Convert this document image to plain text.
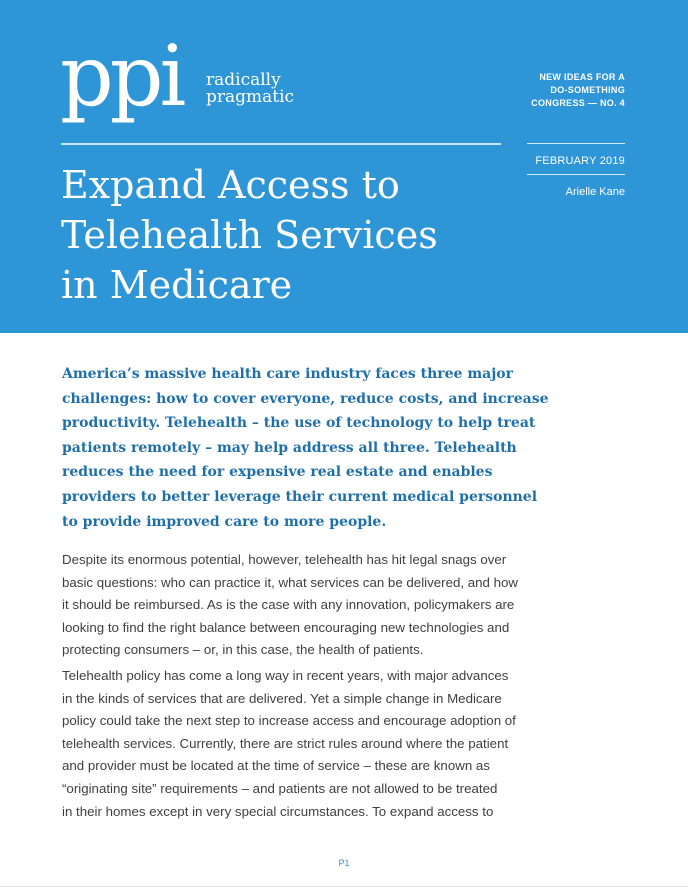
ppi radically
pragmatic
NEW IDEAS FOR A
DO-SOMETHING
CONGRESS — NO. 4
FEBRUARY 2019
Arielle Kane
Expand Access to
Telehealth Services
in Medicare
America’s massive health care industry faces three major
challenges: how to cover everyone, reduce costs, and increase
productivity. Telehealth – the use of technology to help treat
patients remotely – may help address all three. Telehealth
reduces the need for expensive real estate and enables
providers to better leverage their current medical personnel
to provide improved care to more people.
Despite its enormous potential, however, telehealth has hit legal snags over
basic questions: who can practice it, what services can be delivered, and how
it should be reimbursed. As is the case with any innovation, policymakers are
looking to find the right balance between encouraging new technologies and
protecting consumers – or, in this case, the health of patients.
Telehealth policy has come a long way in recent years, with major advances
in the kinds of services that are delivered. Yet a simple change in Medicare
policy could take the next step to increase access and encourage adoption of
telehealth services. Currently, there are strict rules around where the patient
and provider must be located at the time of service – these are known as
“originating site” requirements – and patients are not allowed to be treated
in their homes except in very special circumstances. To expand access to
P1
